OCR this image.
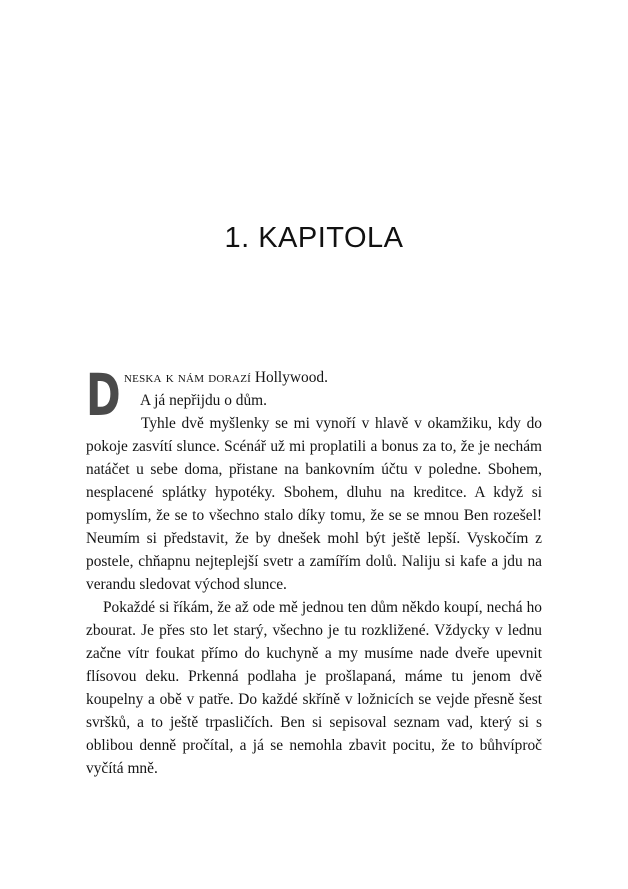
1. KAPITOLA

Dneska k nám dorazí Hollywood.

A já nepřijdu o dům.

Tyhle dvě myšlenky se mi vynoří v hlavě v okamžiku, kdy do pokoje zasvítí slunce. Scénář už mi proplatili a bonus za to, že je nechám natáčet u sebe doma, přistane na bankovním účtu v poledne. Sbohem, nesplacené splátky hypotéky. Sbohem, dluhu na kreditce. A když si pomyslím, že se to všechno stalo díky tomu, že se se mnou Ben rozešel! Neumím si představit, že by dnešek mohl být ještě lepší. Vyskočím z postele, chňapnu nejteplejší svetr a zamířím dolů. Naliju si kafe a jdu na verandu sledovat východ slunce.

Pokaždé si říkám, že až ode mě jednou ten dům někdo koupí, nechá ho zbourat. Je přes sto let starý, všechno je tu rozkližené. Vždycky v lednu začne vítr foukat přímo do kuchyně a my musíme nade dveře upevnit flísovou deku. Prkenná podlaha je prošlapaná, máme tu jenom dvě koupelny a obě v patře. Do každé skříně v ložnicích se vejde přesně šest svršků, a to ještě trpasličích. Ben si sepisoval seznam vad, který si s oblibou denně pročítal, a já se nemohla zbavit pocitu, že to bůhvíproč vyčítá mně.
